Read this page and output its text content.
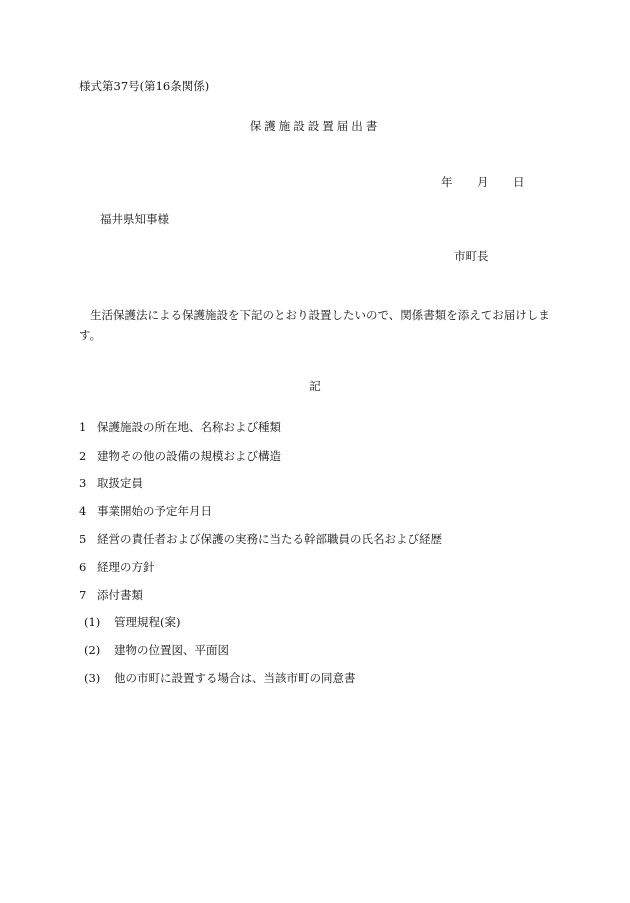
様式第37号(第16条関係)
保護施設設置届出書
年 月 日
福井県知事様
市町長

生活保護法による保護施設を下記のとおり設置したいので、関係書類を添えてお届けします。

記
1 保護施設の所在地、名称および種類
2 建物その他の設備の規模および構造
3 取扱定員
4 事業開始の予定年月日
5 経営の責任者および保護の実務に当たる幹部職員の氏名および経歴
6 経理の方針
7 添付書類
(1) 管理規程(案)
(2) 建物の位置図、平面図
(3) 他の市町に設置する場合は、当該市町の同意書
